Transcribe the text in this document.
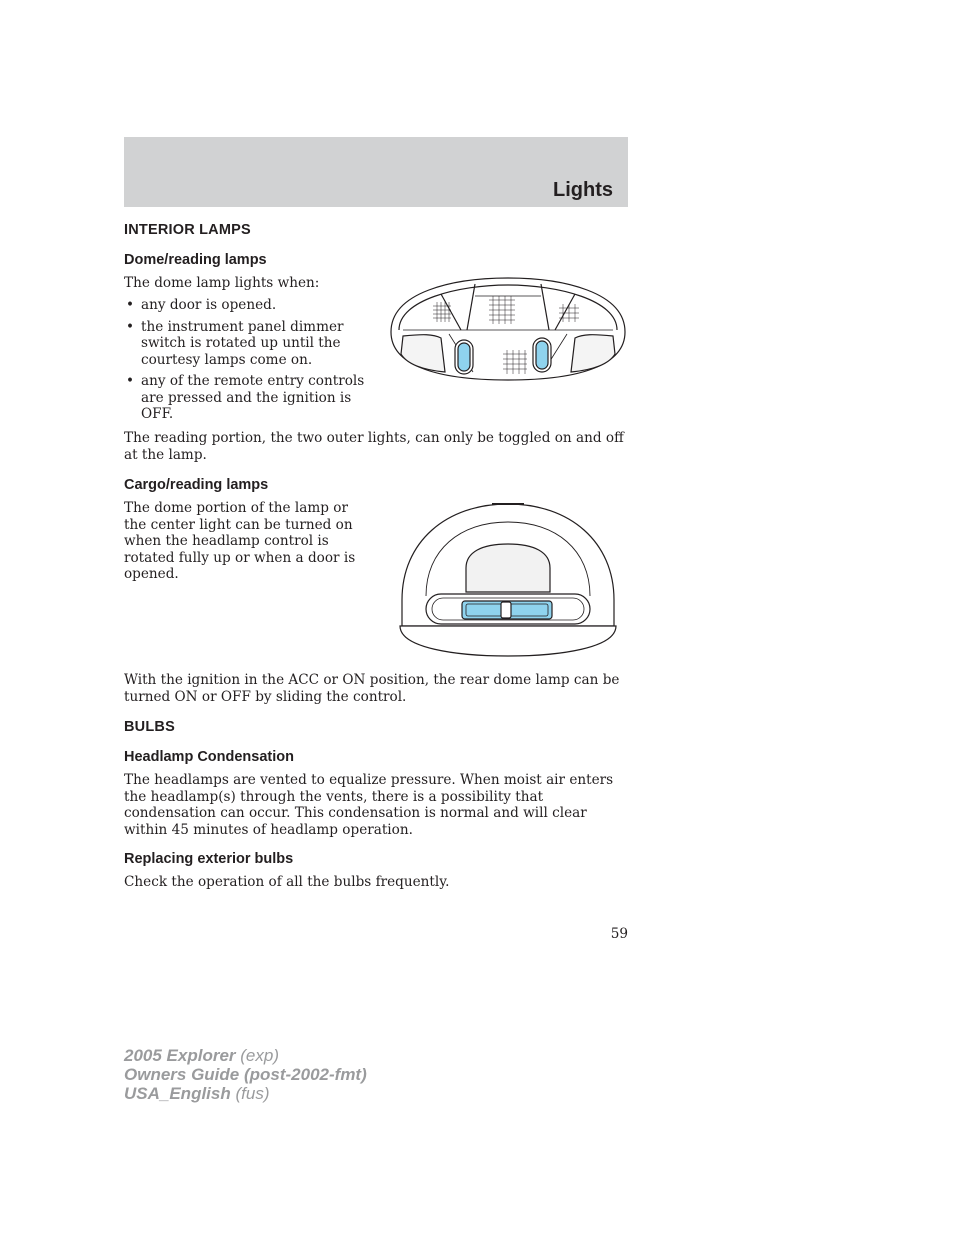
Lights
INTERIOR LAMPS
Dome/reading lamps

The dome lamp lights when:

• any door is opened.
• the instrument panel dimmer switch is rotated up until the courtesy lamps come on.
• any of the remote entry controls are pressed and the ignition is OFF.

The reading portion, the two outer lights, can only be toggled on and off at the lamp.

Cargo/reading lamps

The dome portion of the lamp or the center light can be turned on when the headlamp control is rotated fully up or when a door is opened.

With the ignition in the ACC or ON position, the rear dome lamp can be turned ON or OFF by sliding the control.

BULBS
Headlamp Condensation

The headlamps are vented to equalize pressure. When moist air enters the headlamp(s) through the vents, there is a possibility that condensation can occur. This condensation is normal and will clear within 45 minutes of headlamp operation.

Replacing exterior bulbs

Check the operation of all the bulbs frequently.

59
2005 Explorer (exp)
Owners Guide (post-2002-fmt)
USA_English (fus)
